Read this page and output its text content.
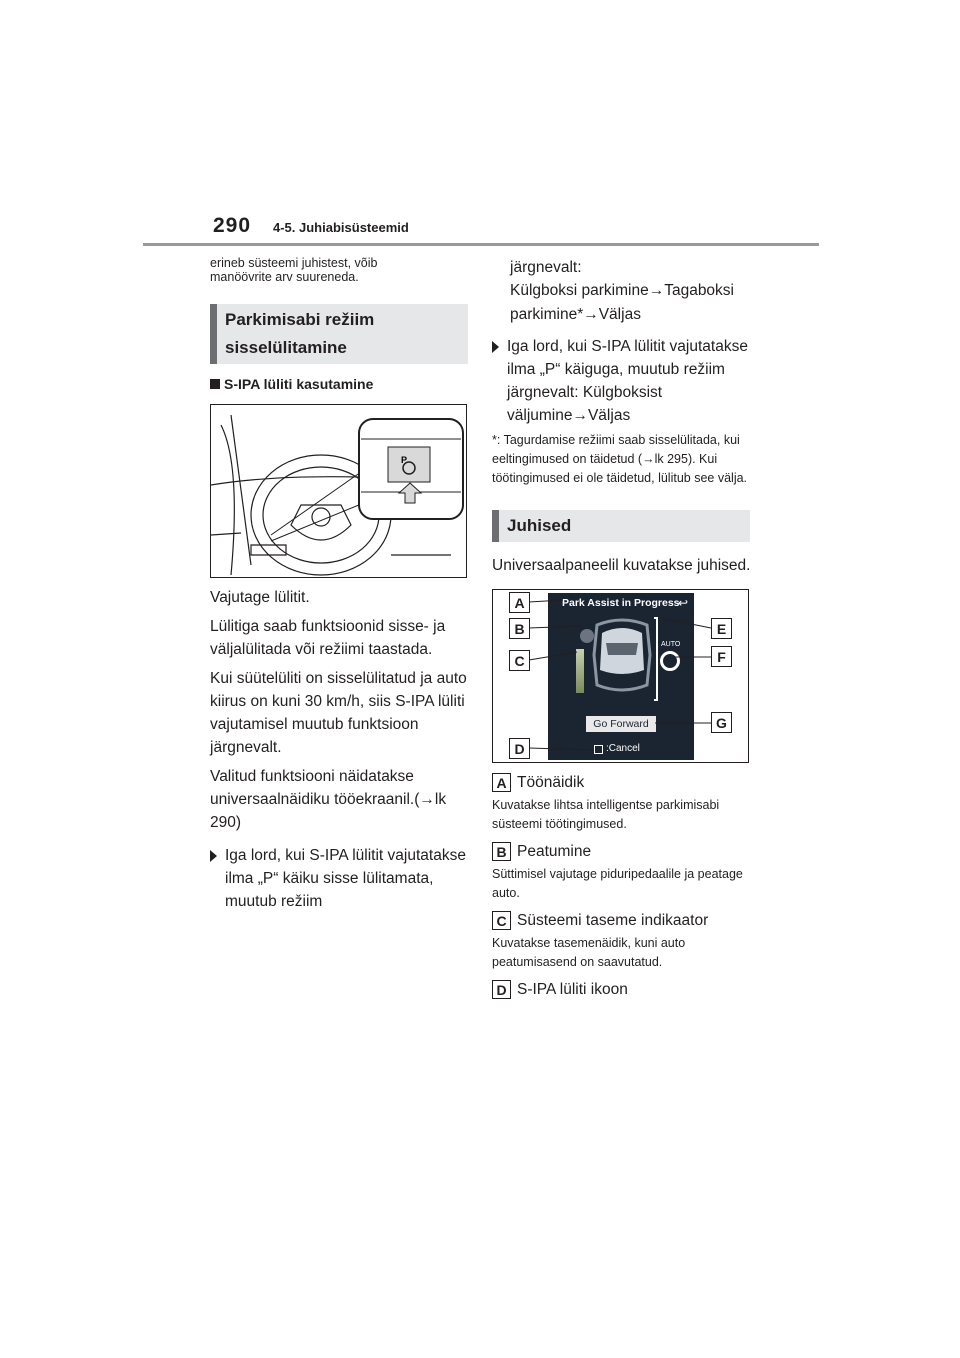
290 4-5. Juhiabisüsteemid
erineb süsteemi juhistest, võib manöövrite arv suureneda.
Parkimisabi režiim
sisselülitamine
S-IPA lüliti kasutamine
P
Vajutage lülitit.
Lülitiga saab funktsioonid sisse- ja väljalülitada või režiimi taastada.
Kui süütelüliti on sisselülitatud ja auto kiirus on kuni 30 km/h, siis S-IPA lüliti vajutamisel muutub funktsioon järgnevalt.
Valitud funktsiooni näidatakse universaalnäidiku tööekraanil.(→lk 290)
Iga lord, kui S-IPA lülitit vajutatakse ilma „P“ käiku sisse lülitamata, muutub režiim
järgnevalt:
Külgboksi parkimine→Tagaboksi parkimine*→Väljas
Iga lord, kui S-IPA lülitit vajutatakse ilma „P“ käiguga, muutub režiim järgnevalt: Külgboksist väljumine→Väljas
*: Tagurdamise režiimi saab sisselülitada, kui eeltingimused on täidetud (→lk 295). Kui töötingimused ei ole täidetud, lülitub see välja.
Juhised
Universaalpaneelil kuvatakse juhised.
Park Assist in Progress
↩
AUTO
Go Forward
:Cancel
A
B
C
D
E
F
G
A Töönäidik
Kuvatakse lihtsa intelligentse parkimisabi süsteemi töötingimused.
B Peatumine
Süttimisel vajutage piduripedaalile ja peatage auto.
C Süsteemi taseme indikaator
Kuvatakse tasemenäidik, kuni auto peatumisasend on saavutatud.
D S-IPA lüliti ikoon
